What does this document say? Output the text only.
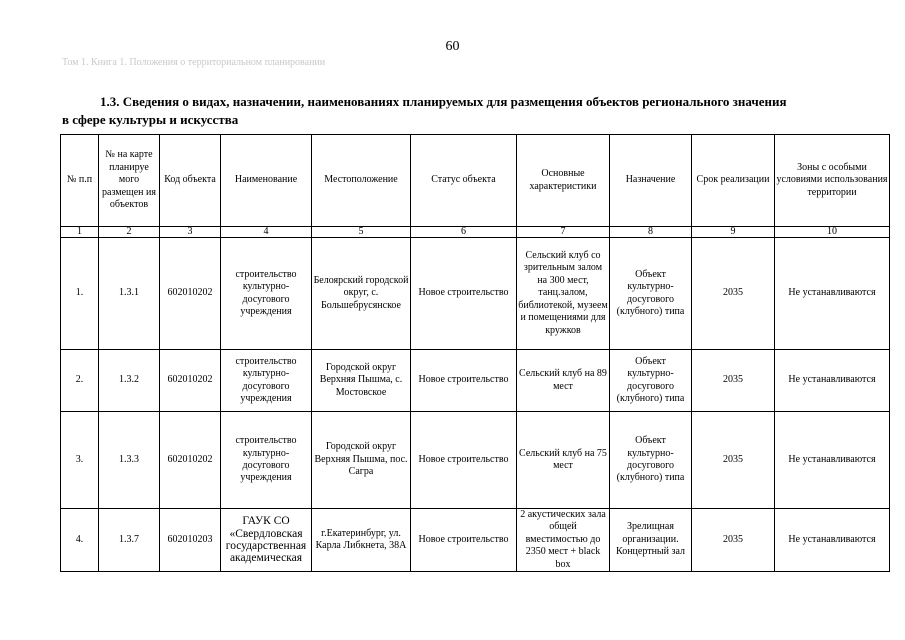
60
Том 1. Книга 1. Положения о территориальном планировании
1.3. Сведения о видах, назначении, наименованиях планируемых для размещения объектов регионального значения
в сфере культуры и искусства
№ п.п	№ на карте планируе мого размещен ия объектов	Код объекта	Наименование	Местоположение	Статус объекта	Основные характеристики	Назначение	Срок реализации	Зоны с особыми условиями использования территории
1	2	3	4	5	6	7	8	9	10
1.	1.3.1	602010202	строительство культурно-досугового учреждения	Белоярский городской округ, с. Большебрусянское	Новое строительство	Сельский клуб со зрительным залом на 300 мест, танц.залом, библиотекой, музеем и помещениями для кружков	Объект культурно-досугового (клубного) типа	2035	Не устанавливаются
2.	1.3.2	602010202	строительство культурно-досугового учреждения	Городской округ Верхняя Пышма, с. Мостовское	Новое строительство	Сельский клуб на 89 мест	Объект культурно-досугового (клубного) типа	2035	Не устанавливаются
3.	1.3.3	602010202	строительство культурно-досугового учреждения	Городской округ Верхняя Пышма, пос. Сагра	Новое строительство	Сельский клуб на 75 мест	Объект культурно-досугового (клубного) типа	2035	Не устанавливаются
4.	1.3.7	602010203	ГАУК СО «Свердловская государственная академическая	г.Екатеринбург, ул. Карла Либкнета, 38А	Новое строительство	2 акустических зала общей вместимостью до 2350 мест + black box	Зрелищная организации. Концертный зал	2035	Не устанавливаются
